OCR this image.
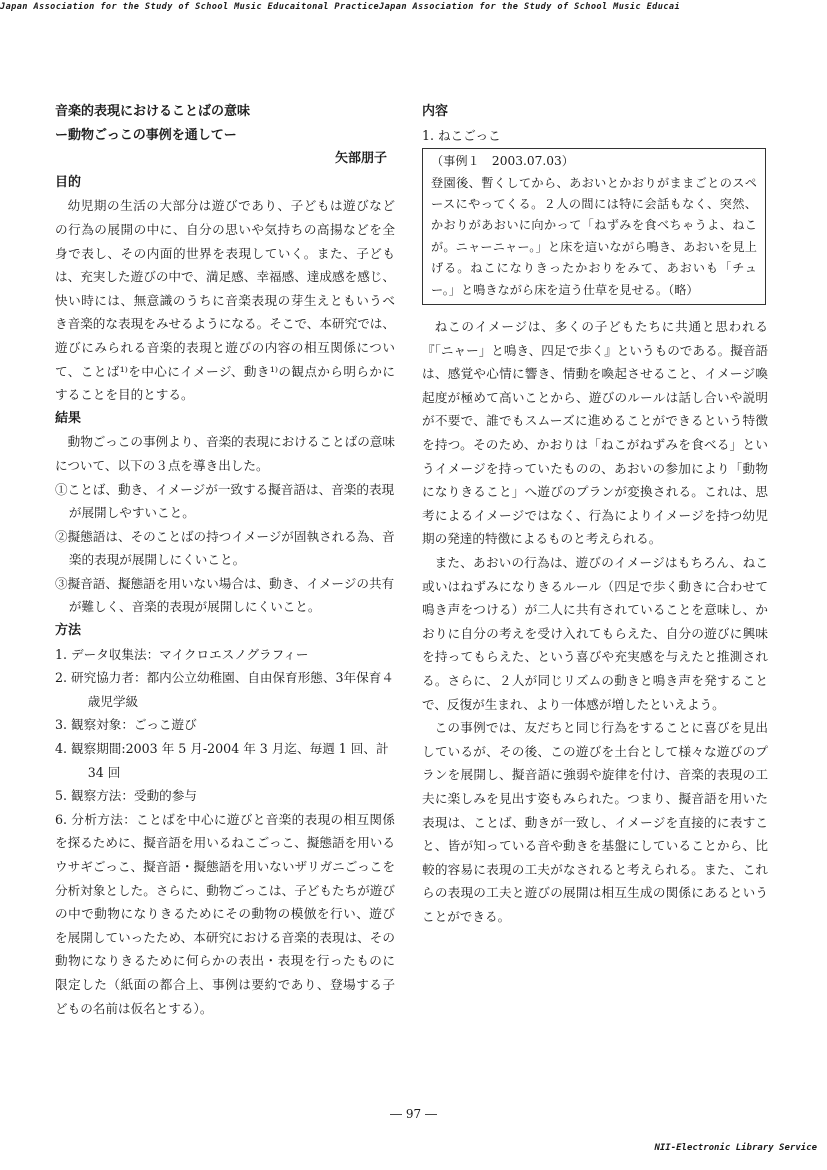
Japan Association for the Study of School Music Educaitonal PracticeJapan Association for the Study of School Music Educai
音楽的表現におけることばの意味
ー動物ごっこの事例を通してー
矢部朋子
目的

幼児期の生活の大部分は遊びであり、子どもは遊びなどの行為の展開の中に、自分の思いや気持ちの高揚などを全身で表し、その内面的世界を表現していく。また、子どもは、充実した遊びの中で、満足感、幸福感、達成感を感じ、快い時には、無意識のうちに音楽表現の芽生えともいうべき音楽的な表現をみせるようになる。そこで、本研究では、遊びにみられる音楽的表現と遊びの内容の相互関係について、ことば¹⁾を中心にイメージ、動き¹⁾の観点から明らかにすることを目的とする。

結果

動物ごっこの事例より、音楽的表現におけることばの意味について、以下の３点を導き出した。

①ことば、動き、イメージが一致する擬音語は、音楽的表現が展開しやすいこと。
②擬態語は、そのことばの持つイメージが固執される為、音楽的表現が展開しにくいこと。
③擬音語、擬態語を用いない場合は、動き、イメージの共有が難しく、音楽的表現が展開しにくいこと。
方法
1. データ収集法：マイクロエスノグラフィー
2. 研究協力者：都内公立幼稚園、自由保育形態、3年保育４歳児学級
3. 観察対象：ごっこ遊び
4. 観察期間:2003 年 5 月-2004 年 3 月迄、毎週 1 回、計 34 回
5. 観察方法：受動的参与
6. 分析方法：ことばを中心に遊びと音楽的表現の相互関係を探るために、擬音語を用いるねこごっこ、擬態語を用いるウサギごっこ、擬音語・擬態語を用いないザリガニごっこを分析対象とした。さらに、動物ごっこは、子どもたちが遊びの中で動物になりきるためにその動物の模倣を行い、遊びを展開していったため、本研究における音楽的表現は、その動物になりきるために何らかの表出・表現を行ったものに限定した（紙面の都合上、事例は要約であり、登場する子どもの名前は仮名とする）。
内容
1. ねこごっこ
（事例１　2003.07.03）
登園後、暫くしてから、あおいとかおりがままごとのスペースにやってくる。２人の間には特に会話もなく、突然、かおりがあおいに向かって「ねずみを食べちゃうよ、ねこが。ニャーニャー。」と床を這いながら鳴き、あおいを見上げる。ねこになりきったかおりをみて、あおいも「チュー。」と鳴きながら床を這う仕草を見せる。（略）

ねこのイメージは、多くの子どもたちに共通と思われる『「ニャー」と鳴き、四足で歩く』というものである。擬音語は、感覚や心情に響き、情動を喚起させること、イメージ喚起度が極めて高いことから、遊びのルールは話し合いや説明が不要で、誰でもスムーズに進めることができるという特徴を持つ。そのため、かおりは「ねこがねずみを食べる」というイメージを持っていたものの、あおいの参加により「動物になりきること」へ遊びのプランが変換される。これは、思考によるイメージではなく、行為によりイメージを持つ幼児期の発達的特徴によるものと考えられる。

また、あおいの行為は、遊びのイメージはもちろん、ねこ或いはねずみになりきるルール（四足で歩く動きに合わせて鳴き声をつける）が二人に共有されていることを意味し、かおりに自分の考えを受け入れてもらえた、自分の遊びに興味を持ってもらえた、という喜びや充実感を与えたと推測される。さらに、２人が同じリズムの動きと鳴き声を発することで、反復が生まれ、より一体感が増したといえよう。

この事例では、友だちと同じ行為をすることに喜びを見出しているが、その後、この遊びを土台として様々な遊びのプランを展開し、擬音語に強弱や旋律を付け、音楽的表現の工夫に楽しみを見出す姿もみられた。つまり、擬音語を用いた表現は、ことば、動きが一致し、イメージを直接的に表すこと、皆が知っている音や動きを基盤にしていることから、比較的容易に表現の工夫がなされると考えられる。また、これらの表現の工夫と遊びの展開は相互生成の関係にあるということができる。

― 97 ―
NII-Electronic Library Service
